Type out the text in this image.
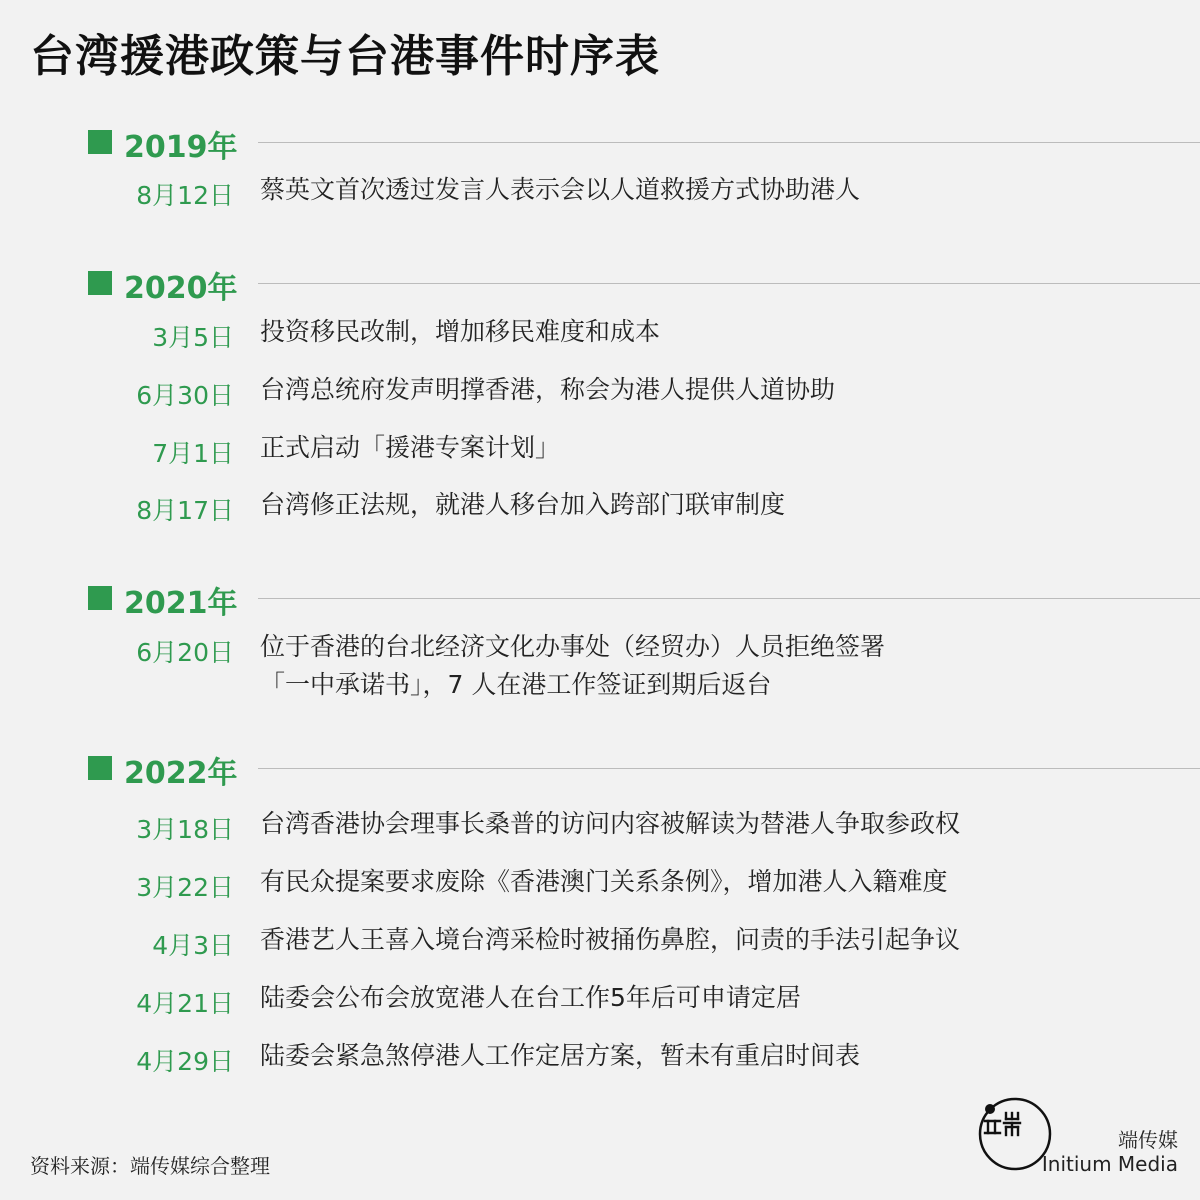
台湾援港政策与台港事件时序表
2019年
8月12日 蔡英文首次透过发言人表示会以人道救援方式协助港人
2020年
3月5日 投资移民改制，增加移民难度和成本
6月30日 台湾总统府发声明撑香港，称会为港人提供人道协助
7月1日 正式启动「援港专案计划」
8月17日 台湾修正法规，就港人移台加入跨部门联审制度
2021年
6月20日 位于香港的台北经济文化办事处（经贸办）人员拒绝签署
「一中承诺书」，7 人在港工作签证到期后返台
2022年
3月18日 台湾香港协会理事长桑普的访问内容被解读为替港人争取参政权
3月22日 有民众提案要求废除《香港澳门关系条例》，增加港人入籍难度
4月3日 香港艺人王喜入境台湾采检时被捅伤鼻腔，问责的手法引起争议
4月21日 陆委会公布会放宽港人在台工作5年后可申请定居
4月29日 陆委会紧急煞停港人工作定居方案，暂未有重启时间表
资料来源：端传媒综合整理
端传媒
Initium Media
